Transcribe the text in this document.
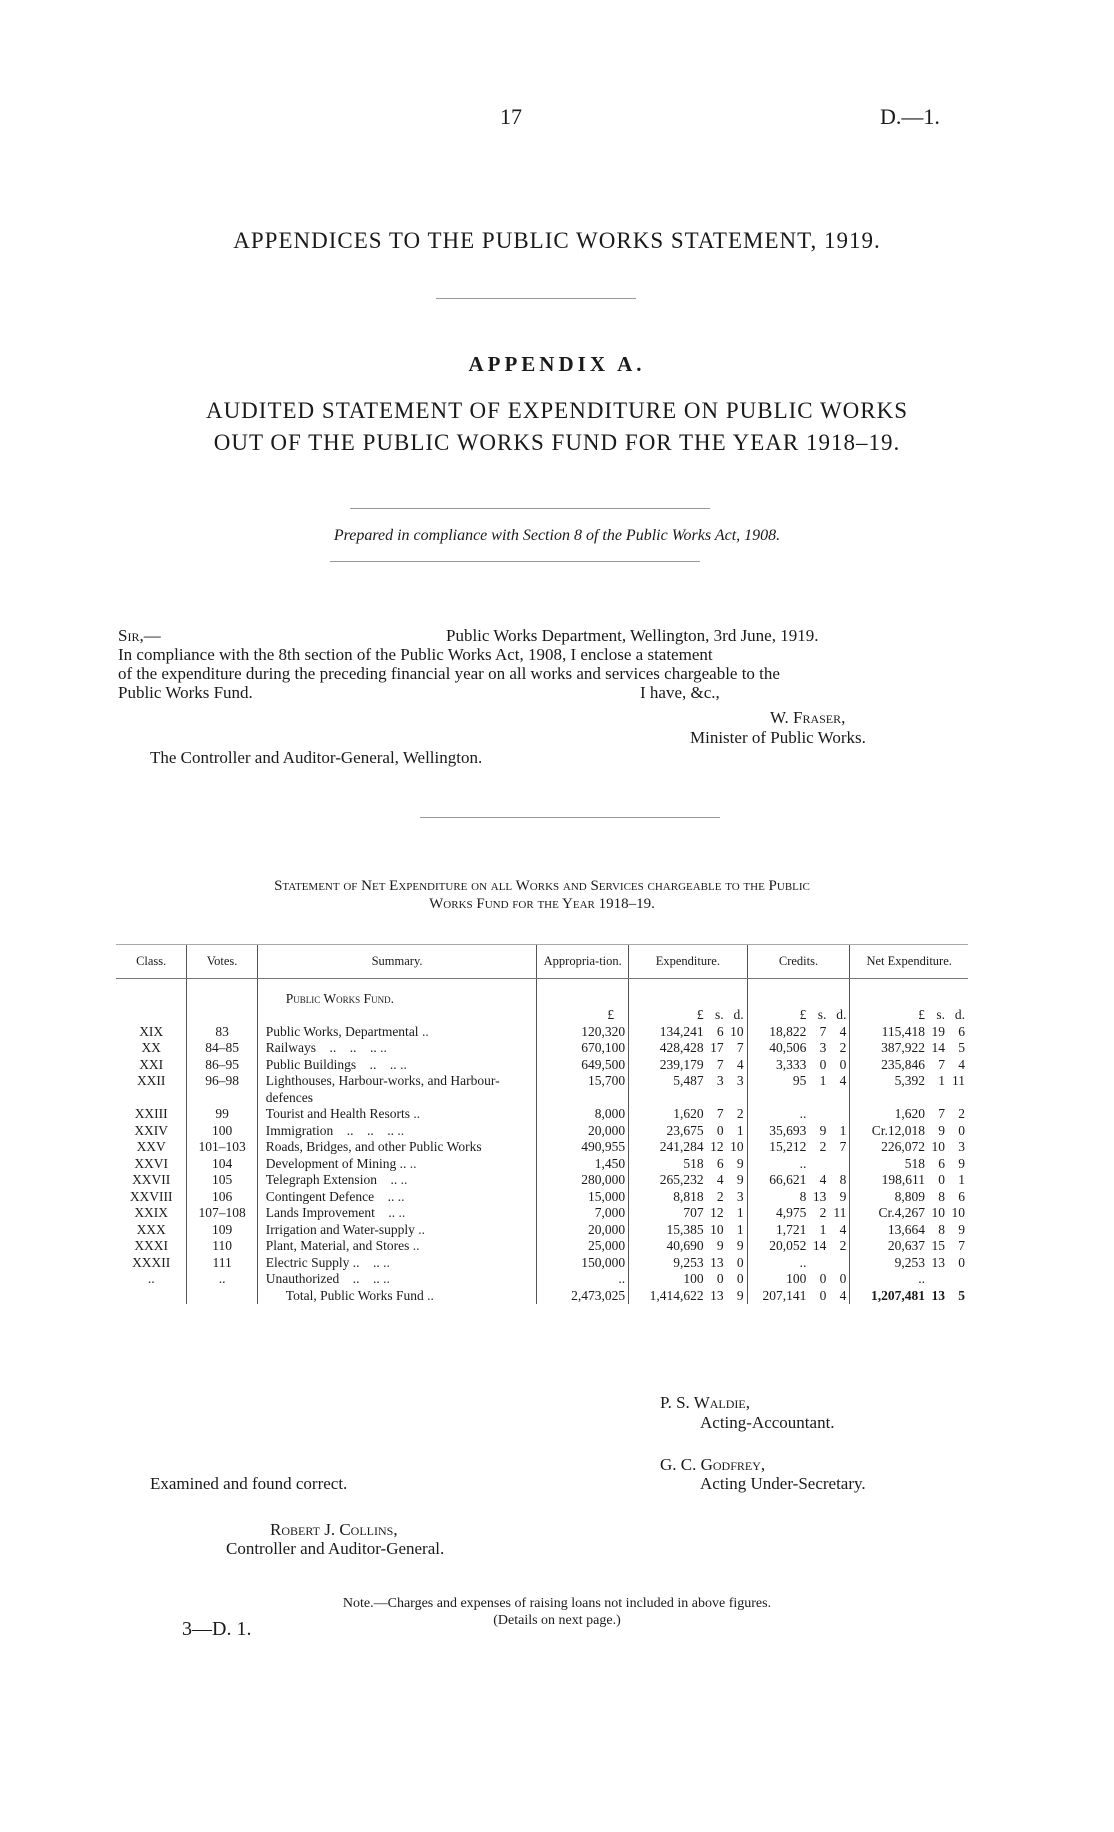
17	D.—1.
APPENDICES TO THE PUBLIC WORKS STATEMENT, 1919.
APPENDIX A.
AUDITED STATEMENT OF EXPENDITURE ON PUBLIC WORKS
OUT OF THE PUBLIC WORKS FUND FOR THE YEAR 1918–19.
Prepared in compliance with Section 8 of the Public Works Act, 1908.
Sir,—	Public Works Department, Wellington, 3rd June, 1919.
In compliance with the 8th section of the Public Works Act, 1908, I enclose a statement
of the expenditure during the preceding financial year on all works and services chargeable to the
Public Works Fund.	I have, &c.,
W. Fraser,
Minister of Public Works.
The Controller and Auditor-General, Wellington.
Statement of Net Expenditure on all Works and Services chargeable to the Public
Works Fund for the Year 1918–19.
Class.	Votes.	Summary.	Appropria-tion.	Expenditure.	Credits.	Net Expenditure.
		Public Works Fund.				
			£	£ s. d.	£ s. d.	£ s. d.
XIX	83	Public Works, Departmental ..	120,320	134,241 6 10	18,822 7 4	115,418 19 6
XX	84–85	Railways    ..    ..    .. ..	670,100	428,428 17 7	40,506 3 2	387,922 14 5
XXI	86–95	Public Buildings    ..    .. ..	649,500	239,179 7 4	3,333 0 0	235,846 7 4
XXII	96–98	Lighthouses, Harbour-works, and Harbour-defences	15,700	5,487 3 3	95 1 4	5,392 1 11
XXIII	99	Tourist and Health Resorts ..	8,000	1,620 7 2	..	1,620 7 2
XXIV	100	Immigration    ..    ..    .. ..	20,000	23,675 0 1	35,693 9 1	Cr.12,018 9 0
XXV	101–103	Roads, Bridges, and other Public Works	490,955	241,284 12 10	15,212 2 7	226,072 10 3
XXVI	104	Development of Mining .. ..	1,450	518 6 9	..	518 6 9
XXVII	105	Telegraph Extension    .. ..	280,000	265,232 4 9	66,621 4 8	198,611 0 1
XXVIII	106	Contingent Defence    .. ..	15,000	8,818 2 3	8 13 9	8,809 8 6
XXIX	107–108	Lands Improvement    .. ..	7,000	707 12 1	4,975 2 11	Cr.4,267 10 10
XXX	109	Irrigation and Water-supply ..	20,000	15,385 10 1	1,721 1 4	13,664 8 9
XXXI	110	Plant, Material, and Stores ..	25,000	40,690 9 9	20,052 14 2	20,637 15 7
XXXII	111	Electric Supply ..    .. ..	150,000	9,253 13 0	..	9,253 13 0
..	..	Unauthorized    ..    .. ..	..	100 0 0	100 0 0	..
		Total, Public Works Fund ..	2,473,025	1,414,622 13 9	207,141 0 4	1,207,481 13 5
P. S. Waldie,
Acting-Accountant.
G. C. Godfrey,
Acting Under-Secretary.
Examined and found correct.
Robert J. Collins,
Controller and Auditor-General.
Note.—Charges and expenses of raising loans not included in above figures.
(Details on next page.)
3—D. 1.
